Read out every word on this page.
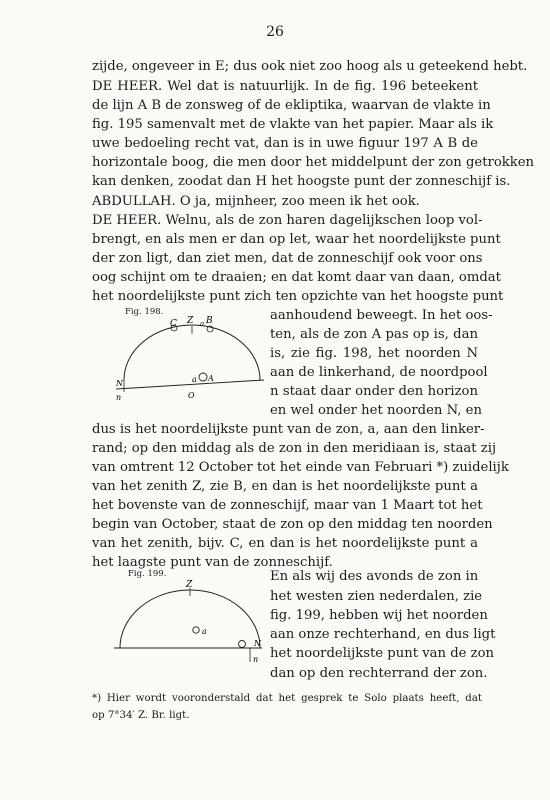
26
zijde, ongeveer in E; dus ook niet zoo hoog als u geteekend hebt.
DE HEER. Wel dat is natuurlijk. In de fig. 196 beteekent
de lijn A B de zonsweg of de ekliptika, waarvan de vlakte in
fig. 195 samenvalt met de vlakte van het papier. Maar als ik
uwe bedoeling recht vat, dan is in uwe figuur 197 A B de
horizontale boog, die men door het middelpunt der zon getrokken
kan denken, zoodat dan H het hoogste punt der zonneschijf is.
ABDULLAH. O ja, mijnheer, zoo meen ik het ook.
DE HEER. Welnu, als de zon haren dagelijkschen loop vol-
brengt, en als men er dan op let, waar het noordelijkste punt
der zon ligt, dan ziet men, dat de zonneschijf ook voor ons
oog schijnt om te draaien; en dat komt daar van daan, omdat
het noordelijkste punt zich ten opzichte van het hoogste punt
Fig. 198.
C Z a B
N
n
a A
O
aanhoudend beweegt. In het oos-
ten, als de zon A pas op is, dan
is, zie fig. 198, het noorden N
aan de linkerhand, de noordpool
n staat daar onder den horizon
en wel onder het noorden N, en
dus is het noordelijkste punt van de zon, a, aan den linker-
rand; op den middag als de zon in den meridiaan is, staat zij
van omtrent 12 October tot het einde van Februari *) zuidelijk
van het zenith Z, zie B, en dan is het noordelijkste punt a
het bovenste van de zonneschijf, maar van 1 Maart tot het
begin van October, staat de zon op den middag ten noorden
van het zenith, bijv. C, en dan is het noordelijkste punt a
het laagste punt van de zonneschijf.
Fig. 199.
Z
a
N
n
En als wij des avonds de zon in
het westen zien nederdalen, zie
fig. 199, hebben wij het noorden
aan onze rechterhand, en dus ligt
het noordelijkste punt van de zon
dan op den rechterrand der zon.
*) Hier wordt vooronderstald dat het gesprek te Solo plaats heeft, dat
op 7°34′ Z. Br. ligt.
